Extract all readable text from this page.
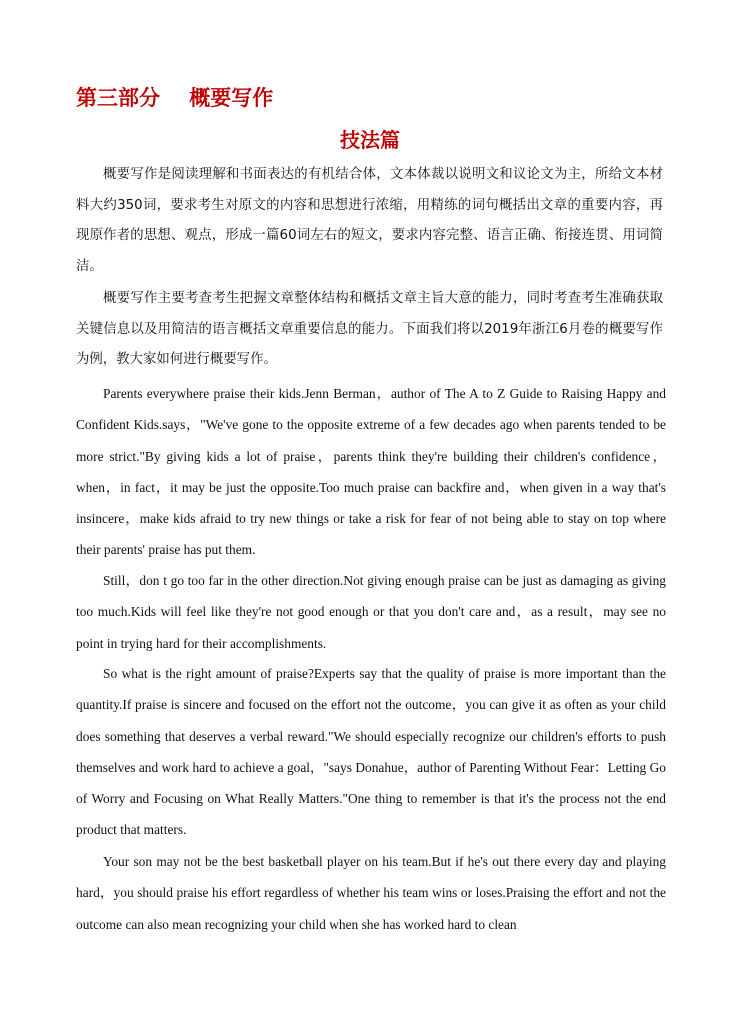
第三部分    概要写作
技法篇

概要写作是阅读理解和书面表达的有机结合体，文本体裁以说明文和议论文为主，所给文本材料大约350词，要求考生对原文的内容和思想进行浓缩，用精练的词句概括出文章的重要内容，再现原作者的思想、观点，形成一篇60词左右的短文，要求内容完整、语言正确、衔接连贯、用词简洁。

概要写作主要考查考生把握文章整体结构和概括文章主旨大意的能力，同时考查考生准确获取关键信息以及用简洁的语言概括文章重要信息的能力。下面我们将以2019年浙江6月卷的概要写作为例，教大家如何进行概要写作。

Parents everywhere praise their kids.Jenn Berman，author of The A to Z Guide to Raising Happy and Confident Kids.says，"We've gone to the opposite extreme of a few decades ago when parents tended to be more strict."By giving kids a lot of praise，parents think they're building their children's confidence，when，in fact，it may be just the opposite.Too much praise can backfire and，when given in a way that's insincere，make kids afraid to try new things or take a risk for fear of not being able to stay on top where their parents' praise has put them.

Still，don t go too far in the other direction.Not giving enough praise can be just as damaging as giving too much.Kids will feel like they're not good enough or that you don't care and，as a result，may see no point in trying hard for their accomplishments.

So what is the right amount of praise?Experts say that the quality of praise is more important than the quantity.If praise is sincere and focused on the effort not the outcome，you can give it as often as your child does something that deserves a verbal reward."We should especially recognize our children's efforts to push themselves and work hard to achieve a goal，"says Donahue，author of Parenting Without Fear：Letting Go of Worry and Focusing on What Really Matters."One thing to remember is that it's the process not the end product that matters.

Your son may not be the best basketball player on his team.But if he's out there every day and playing hard，you should praise his effort regardless of whether his team wins or loses.Praising the effort and not the outcome can also mean recognizing your child when she has worked hard to clean
